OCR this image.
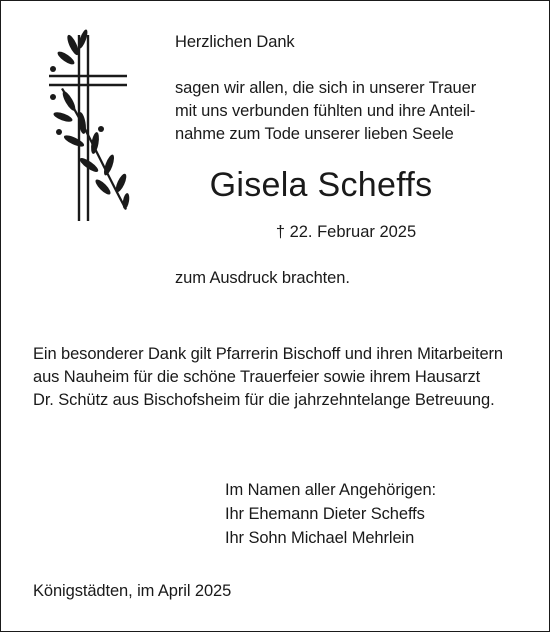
Herzlichen Dank
sagen wir allen, die sich in unserer Trauer
mit uns verbunden fühlten und ihre Anteil-
nahme zum Tode unserer lieben Seele
Gisela Scheffs
† 22. Februar 2025
zum Ausdruck brachten.
Ein besonderer Dank gilt Pfarrerin Bischoff und ihren Mitarbeitern
aus Nauheim für die schöne Trauerfeier sowie ihrem Hausarzt
Dr. Schütz aus Bischofsheim für die jahrzehntelange Betreuung.
Im Namen aller Angehörigen:
Ihr Ehemann Dieter Scheffs
Ihr Sohn Michael Mehrlein
Königstädten, im April 2025
